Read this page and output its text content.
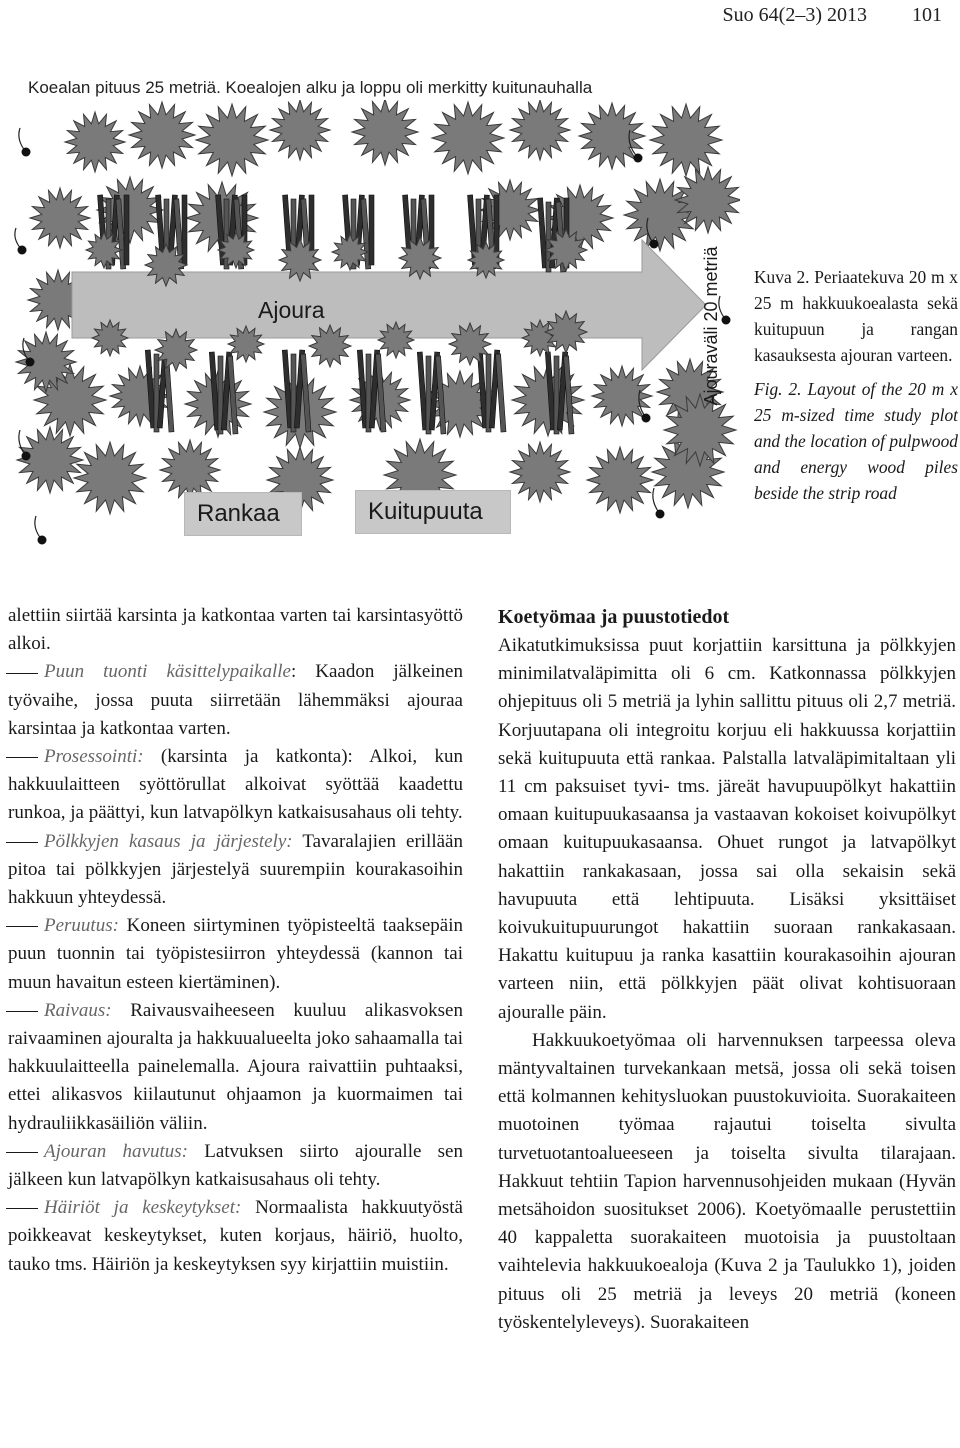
Suo 64(2–3) 2013 101
Koealan pituus 25 metriä. Koealojen alku ja loppu oli merkitty kuitunauhalla
Ajoura
Rankaa	Kuitupuuta
Ajouraväli 20 metriä Kuva 2. Periaatekuva 20 m x 25 m hakkuukoealasta sekä kuitupuun ja rangan kasauksesta ajouran varteen.
Fig. 2. Layout of the 20 m x 25 m-sized time study plot and the location of pulpwood and energy wood piles beside the strip road

alettiin siirtää karsinta ja katkontaa varten tai karsintasyöttö alkoi.

Puun tuonti käsittelypaikalle: Kaadon jälkeinen työvaihe, jossa puuta siirretään lähemmäksi ajouraa karsintaa ja katkontaa varten.

Prosessointi: (karsinta ja katkonta): Alkoi, kun hakkuulaitteen syöttörullat alkoivat syöttää kaadettu runkoa, ja päättyi, kun latvapölkyn katkaisusahaus oli tehty.

Pölkkyjen kasaus ja järjestely: Tavaralajien erillään pitoa tai pölkkyjen järjestelyä suurempiin kourakasoihin hakkuun yhteydessä.

Peruutus: Koneen siirtyminen työpisteeltä taaksepäin puun tuonnin tai työpistesiirron yhteydessä (kannon tai muun havaitun esteen kiertäminen).

Raivaus: Raivausvaiheeseen kuuluu alikasvoksen raivaaminen ajouralta ja hakkuualueelta joko sahaamalla tai hakkuulaitteella painelemalla. Ajoura raivattiin puhtaaksi, ettei alikasvos kiilautunut ohjaamon ja kuormaimen tai hydrauliikkasäiliön väliin.

Ajouran havutus: Latvuksen siirto ajouralle sen jälkeen kun latvapölkyn katkaisusahaus oli tehty.

Häiriöt ja keskeytykset: Normaalista hakkuutyöstä poikkeavat keskeytykset, kuten korjaus, häiriö, huolto, tauko tms. Häiriön ja keskeytyksen syy kirjattiin muistiin.

Koetyömaa ja puustotiedot

Aikatutkimuksissa puut korjattiin karsittuna ja pölkkyjen minimilatvaläpimitta oli 6 cm. Katkonnassa pölkkyjen ohjepituus oli 5 metriä ja lyhin sallittu pituus oli 2,7 metriä. Korjuutapana oli integroitu korjuu eli hakkuussa korjattiin sekä kuitupuuta että rankaa. Palstalla latvaläpimitaltaan yli 11 cm paksuiset tyvi- tms. järeät havupuupölkyt hakattiin omaan kuitupuukasaansa ja vastaavan kokoiset koivupölkyt omaan kuitupuukasaansa. Ohuet rungot ja latvapölkyt hakattiin rankakasaan, jossa sai olla sekaisin sekä havupuuta että lehtipuuta. Lisäksi yksittäiset koivukuitupuurungot hakattiin suoraan rankakasaan. Hakattu kuitupuu ja ranka kasattiin kourakasoihin ajouran varteen niin, että pölkkyjen päät olivat kohtisuoraan ajouralle päin.

Hakkuukoetyömaa oli harvennuksen tarpeessa oleva mäntyvaltainen turvekankaan metsä, jossa oli sekä toisen että kolmannen kehitysluokan puustokuvioita. Suorakaiteen muotoinen työmaa rajautui toiselta sivulta turvetuotantoalueeseen ja toiselta sivulta tilarajaan. Hakkuut tehtiin Tapion harvennusohjeiden mukaan (Hyvän metsähoidon suositukset 2006). Koetyömaalle perustettiin 40 kappaletta suorakaiteen muotoisia ja puustoltaan vaihtelevia hakkuukoealoja (Kuva 2 ja Taulukko 1), joiden pituus oli 25 metriä ja leveys 20 metriä (koneen työskentelyleveys). Suorakaiteen
